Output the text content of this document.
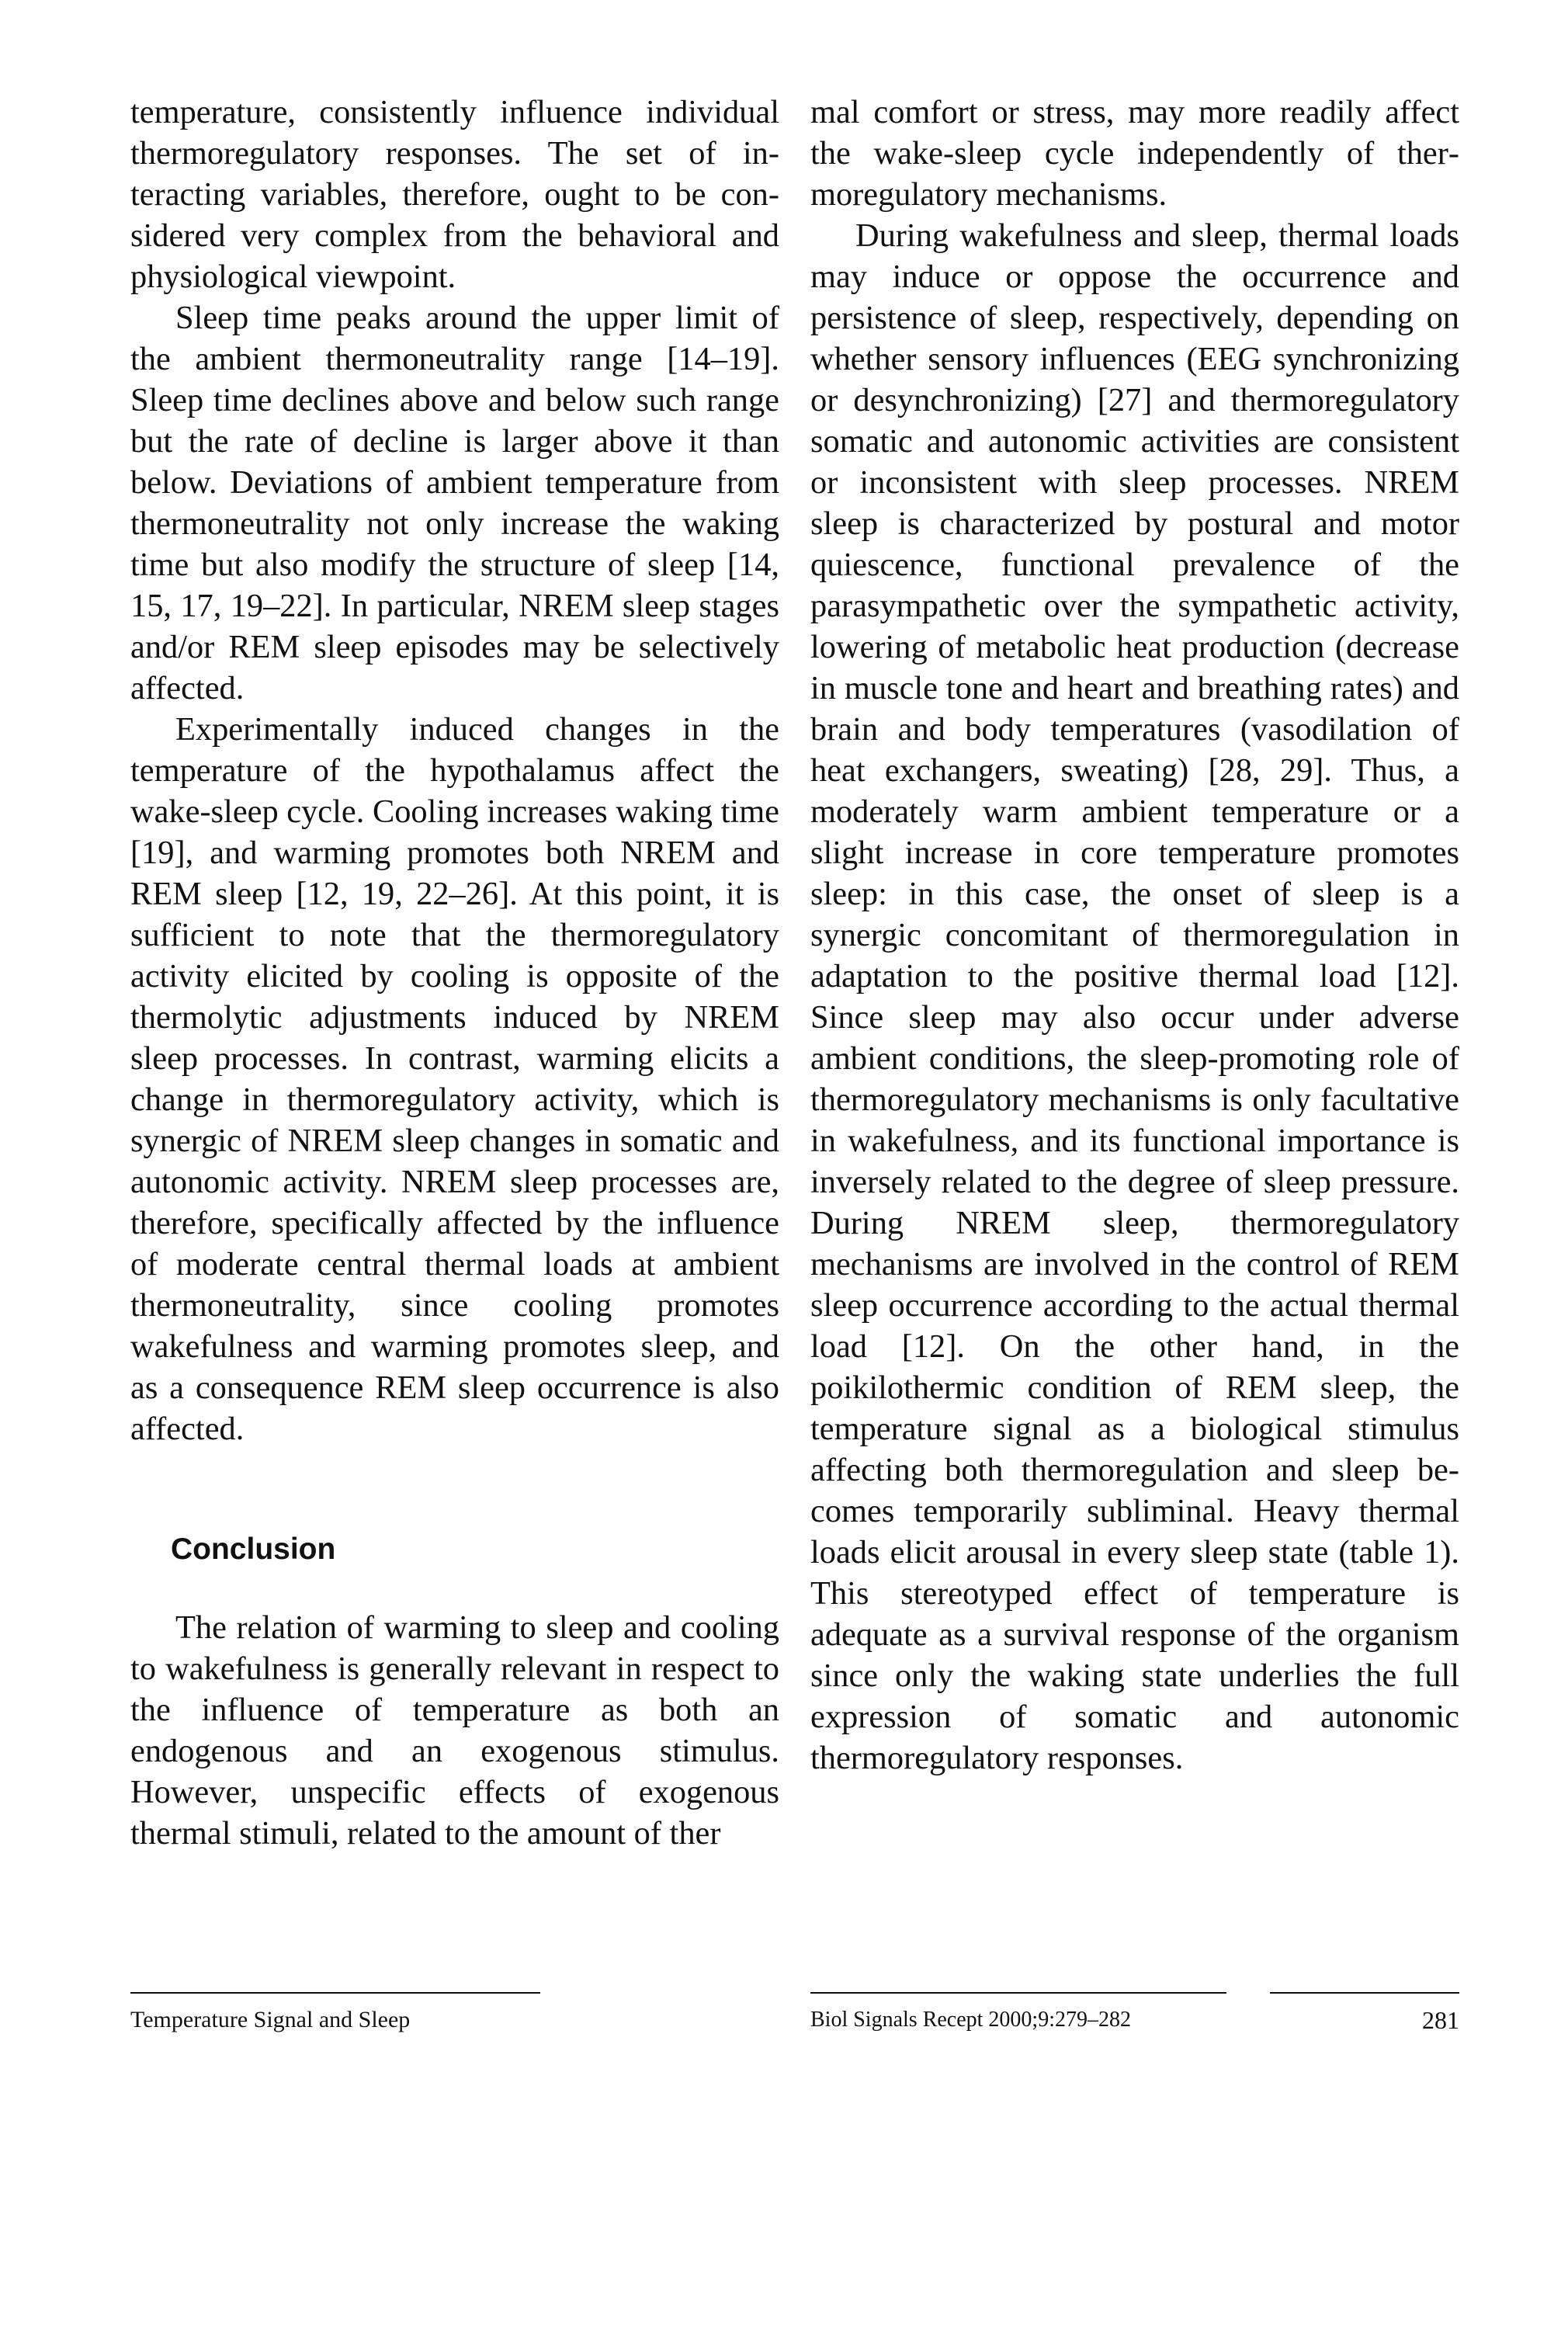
temperature, consistently influence individual thermoregulatory responses. The set of interacting variables, therefore, ought to be considered very complex from the behavioral and physiological viewpoint.

Sleep time peaks around the upper limit of the ambient thermoneutrality range [14–19]. Sleep time declines above and below such range but the rate of decline is larger above it than below. Deviations of ambient temperature from thermoneutrality not only increase the waking time but also modify the structure of sleep [14, 15, 17, 19–22]. In particular, NREM sleep stages and/or REM sleep episodes may be selectively affected.

Experimentally induced changes in the temperature of the hypothalamus affect the wake-sleep cycle. Cooling increases waking time [19], and warming promotes both NREM and REM sleep [12, 19, 22–26]. At this point, it is sufficient to note that the thermoregulatory activity elicited by cooling is opposite of the thermolytic adjustments induced by NREM sleep processes. In contrast, warming elicits a change in thermoregulatory activity, which is synergic of NREM sleep changes in somatic and autonomic activity. NREM sleep processes are, therefore, specifically affected by the influence of moderate central thermal loads at ambient thermoneutrality, since cooling promotes wakefulness and warming promotes sleep, and as a consequence REM sleep occurrence is also affected.

Conclusion

The relation of warming to sleep and cooling to wakefulness is generally relevant in respect to the influence of temperature as both an endogenous and an exogenous stimulus. However, unspecific effects of exogenous thermal stimuli, related to the amount of ther

mal comfort or stress, may more readily affect the wake-sleep cycle independently of thermoregulatory mechanisms.

During wakefulness and sleep, thermal loads may induce or oppose the occurrence and persistence of sleep, respectively, depending on whether sensory influences (EEG synchronizing or desynchronizing) [27] and thermoregulatory somatic and autonomic activities are consistent or inconsistent with sleep processes. NREM sleep is characterized by postural and motor quiescence, functional prevalence of the parasympathetic over the sympathetic activity, lowering of metabolic heat production (decrease in muscle tone and heart and breathing rates) and brain and body temperatures (vasodilation of heat exchangers, sweating) [28, 29]. Thus, a moderately warm ambient temperature or a slight increase in core temperature promotes sleep: in this case, the onset of sleep is a synergic concomitant of thermoregulation in adaptation to the positive thermal load [12]. Since sleep may also occur under adverse ambient conditions, the sleep-promoting role of thermoregulatory mechanisms is only facultative in wakefulness, and its functional importance is inversely related to the degree of sleep pressure. During NREM sleep, thermoregulatory mechanisms are involved in the control of REM sleep occurrence according to the actual thermal load [12]. On the other hand, in the poikilothermic condition of REM sleep, the temperature signal as a biological stimulus affecting both thermoregulation and sleep becomes temporarily subliminal. Heavy thermal loads elicit arousal in every sleep state (table 1). This stereotyped effect of temperature is adequate as a survival response of the organism since only the waking state underlies the full expression of somatic and autonomic thermoregulatory responses.

Temperature Signal and Sleep	Biol Signals Recept 2000;9:279–282	281
